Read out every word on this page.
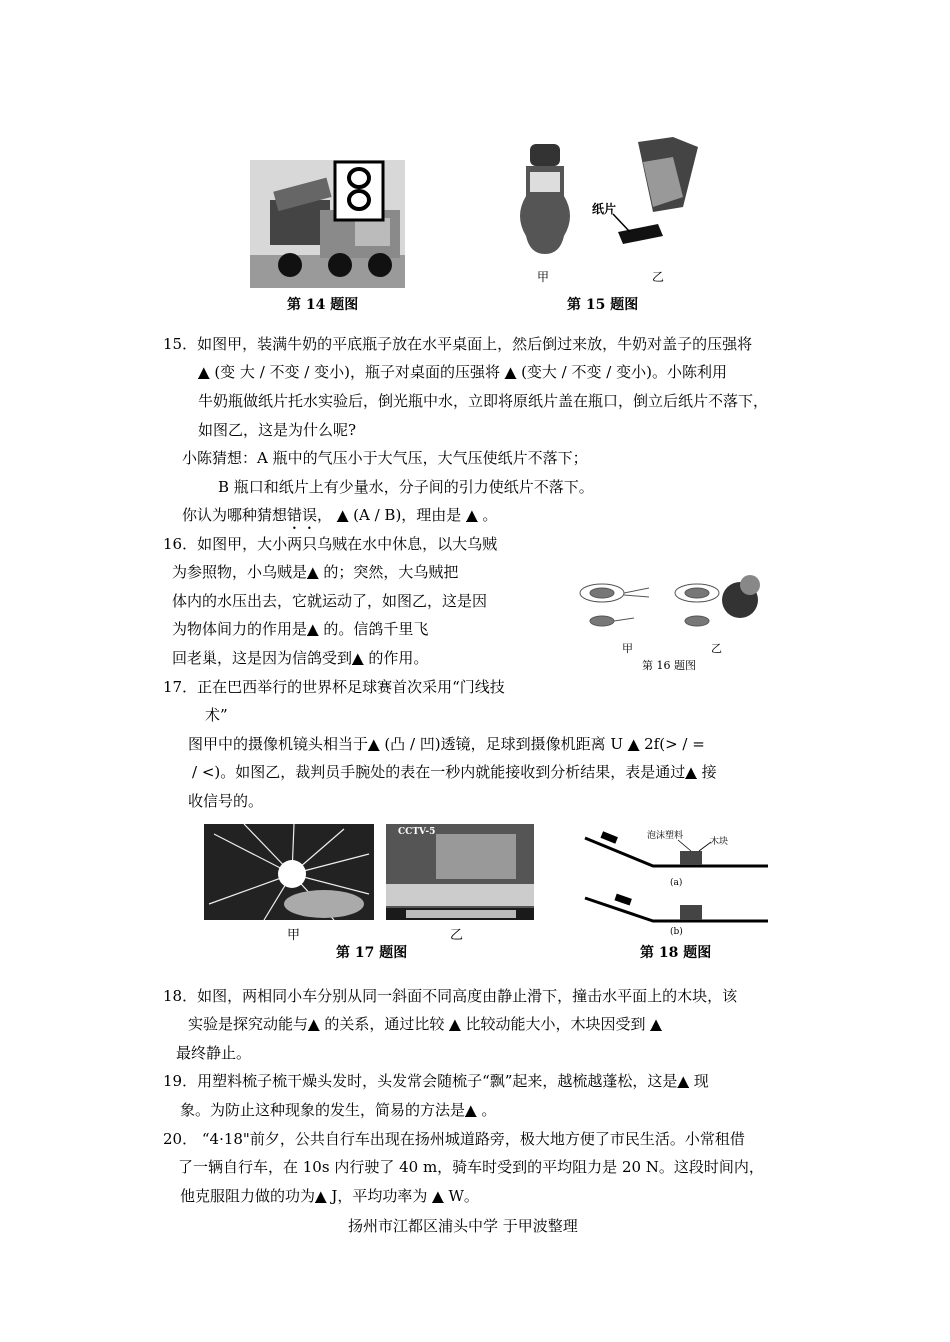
第 14 题图
纸片
甲	乙
第 15 题图
15．如图甲，装满牛奶的平底瓶子放在水平桌面上，然后倒过来放，牛奶对盖子的压强将
▲ (变 大 / 不变 / 变小)，瓶子对桌面的压强将 ▲ (变大 / 不变 / 变小)。小陈利用
牛奶瓶做纸片托水实验后，倒光瓶中水，立即将原纸片盖在瓶口，倒立后纸片不落下，
如图乙，这是为什么呢?
小陈猜想：A 瓶中的气压小于大气压，大气压使纸片不落下；
B 瓶口和纸片上有少量水，分子间的引力使纸片不落下。
你认为哪种猜想错误， ▲ (A / B)，理由是 ▲ 。
16．如图甲，大小两只乌贼在水中休息，以大乌贼
为参照物，小乌贼是▲ 的；突然，大乌贼把
体内的水压出去，它就运动了，如图乙，这是因
为物体间力的作用是▲ 的。信鸽千里飞
回老巢，这是因为信鸽受到▲ 的作用。
甲	乙
第 16 题图
17．正在巴西举行的世界杯足球赛首次采用“门线技
术”
图甲中的摄像机镜头相当于▲ (凸 / 凹)透镜，足球到摄像机距离 U ▲ 2f(> / =
/ <)。如图乙，裁判员手腕处的表在一秒内就能接收到分析结果，表是通过▲ 接
收信号的。
CCTV-5
甲	乙
第 17 题图
泡沫塑料
木块
(a)
(b)
第 18 题图
18．如图，两相同小车分别从同一斜面不同高度由静止滑下，撞击水平面上的木块，该
实验是探究动能与▲ 的关系，通过比较 ▲ 比较动能大小，木块因受到 ▲
最终静止。
19．用塑料梳子梳干燥头发时，头发常会随梳子“飘”起来，越梳越蓬松，这是▲ 现
象。为防止这种现象的发生，简易的方法是▲ 。
20． “4·18"前夕，公共自行车出现在扬州城道路旁，极大地方便了市民生活。小常租借
了一辆自行车，在 10s 内行驶了 40 m，骑车时受到的平均阻力是 20 N。这段时间内，
他克服阻力做的功为▲ J，平均功率为 ▲ W。
扬州市江都区浦头中学 于甲波整理
